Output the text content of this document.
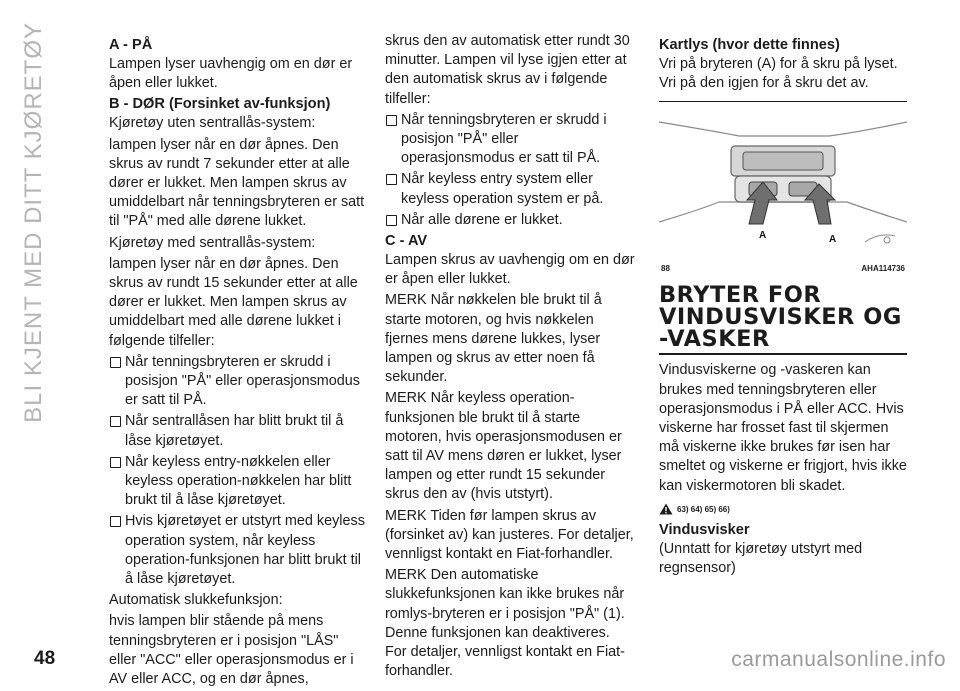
BLI KJENT MED DITT KJØRETØY	A - PÅ

Lampen lyser uavhengig om en dør er åpen eller lukket.

B - DØR (Forsinket av-funksjon)

Kjøretøy uten sentrallås-system:

lampen lyser når en dør åpnes. Den skrus av rundt 7 sekunder etter at alle dører er lukket. Men lampen skrus av umiddelbart når tenningsbryteren er satt til "PÅ" med alle dørene lukket.

Kjøretøy med sentrallås-system:

lampen lyser når en dør åpnes. Den skrus av rundt 15 sekunder etter at alle dører er lukket. Men lampen skrus av umiddelbart med alle dørene lukket i følgende tilfeller:

Når tenningsbryteren er skrudd i posisjon "PÅ" eller operasjonsmodus er satt til PÅ.

Når sentrallåsen har blitt brukt til å låse kjøretøyet.

Når keyless entry-nøkkelen eller keyless operation-nøkkelen har blitt brukt til å låse kjøretøyet.

Hvis kjøretøyet er utstyrt med keyless operation system, når keyless operation-funksjonen har blitt brukt til å låse kjøretøyet.

Automatisk slukkefunksjon:

hvis lampen blir stående på mens tenningsbryteren er i posisjon "LÅS" eller "ACC" eller operasjonsmodus er i AV eller ACC, og en dør åpnes,

skrus den av automatisk etter rundt 30 minutter. Lampen vil lyse igjen etter at den automatisk skrus av i følgende tilfeller:

Når tenningsbryteren er skrudd i posisjon "PÅ" eller operasjonsmodus er satt til PÅ.

Når keyless entry system eller keyless operation system er på.

Når alle dørene er lukket.

C - AV

Lampen skrus av uavhengig om en dør er åpen eller lukket.

MERK Når nøkkelen ble brukt til å starte motoren, og hvis nøkkelen fjernes mens dørene lukkes, lyser lampen og skrus av etter noen få sekunder.

MERK Når keyless operation-funksjonen ble brukt til å starte motoren, hvis operasjonsmodusen er satt til AV mens døren er lukket, lyser lampen og etter rundt 15 sekunder skrus den av (hvis utstyrt).

MERK Tiden før lampen skrus av (forsinket av) kan justeres. For detaljer, vennligst kontakt en Fiat-forhandler.

MERK Den automatiske slukkefunksjonen kan ikke brukes når romlys-bryteren er i posisjon "PÅ" (1). Denne funksjonen kan deaktiveres. For detaljer, vennligst kontakt en Fiat-forhandler.

Kartlys (hvor dette finnes)

Vri på bryteren (A) for å skru på lyset. Vri på den igjen for å skru det av.

A	A
88	AHA114736
BRYTER FOR VINDUSVISKER OG -VASKER

Vindusviskerne og -vaskeren kan brukes med tenningsbryteren eller operasjonsmodus i PÅ eller ACC. Hvis viskerne har frosset fast til skjermen må viskerne ikke brukes før isen har smeltet og viskerne er frigjort, hvis ikke kan viskermotoren bli skadet.

63) 64) 65) 66)
Vindusvisker

(Unntatt for kjøretøy utstyrt med regnsensor)

48	carmanualsonline.info
